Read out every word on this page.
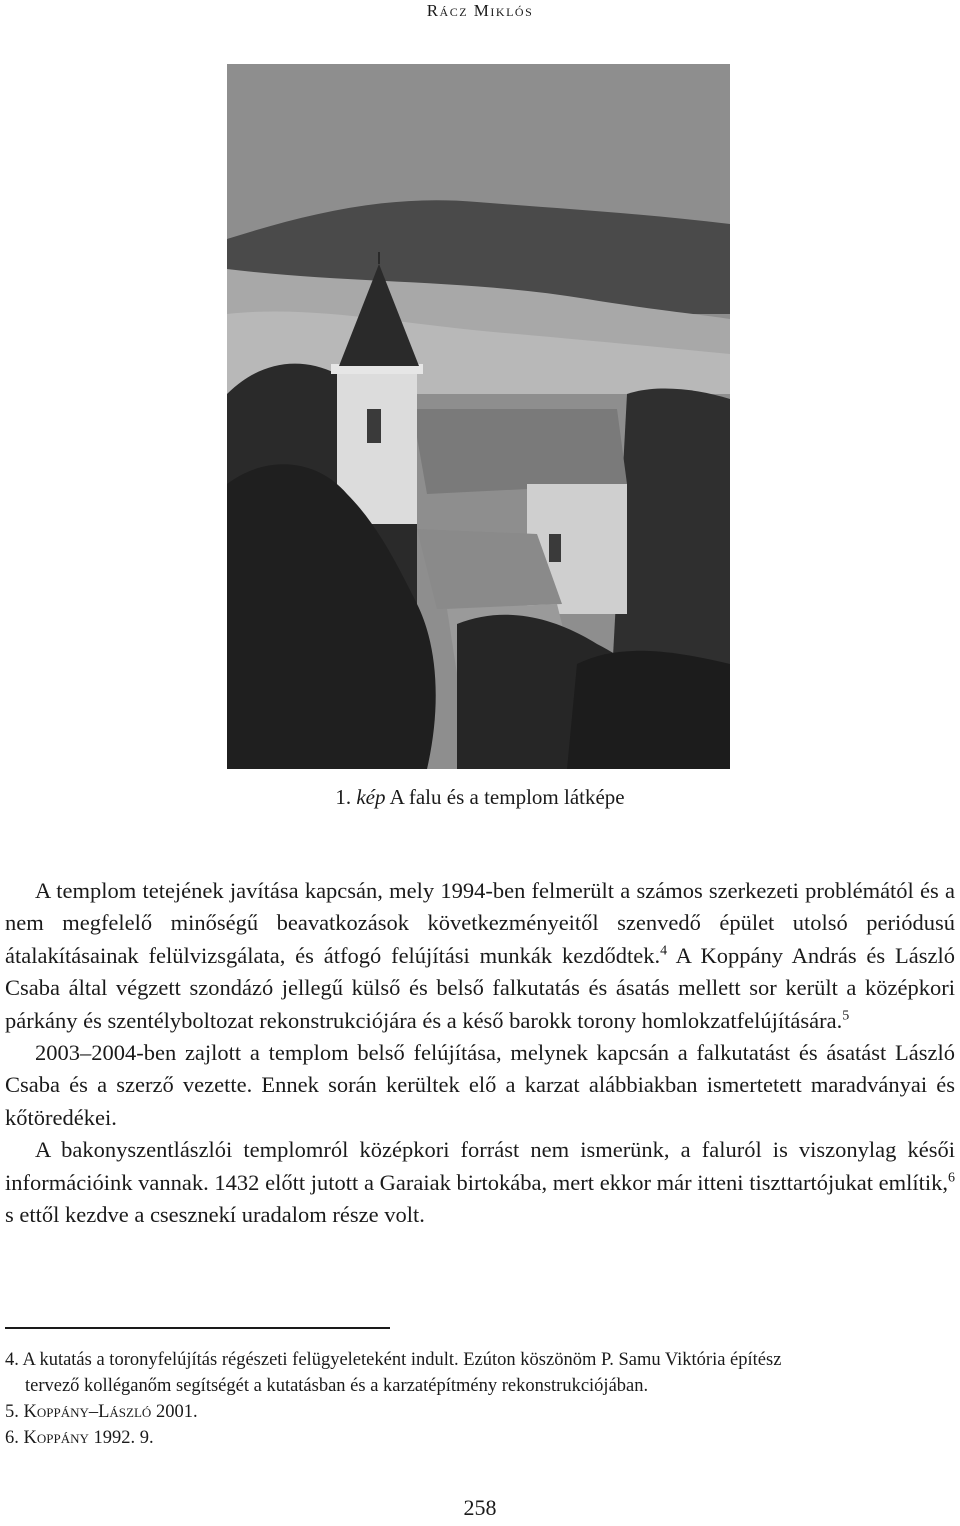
Rácz Miklós
1. kép A falu és a templom látképe

A templom tetejének javítása kapcsán, mely 1994-ben felmerült a számos szerkezeti problémától és a nem megfelelő minőségű beavatkozások következményeitől szenvedő épület utolsó periódusú átalakításainak felülvizsgálata, és átfogó felújítási munkák kezdődtek.$^4$ A Koppány András és László Csaba által végzett szondázó jellegű külső és belső falkutatás és ásatás mellett sor került a középkori párkány és szentélyboltozat rekonstrukciójára és a késő barokk torony homlokzatfelújítására.$^5$

2003–2004-ben zajlott a templom belső felújítása, melynek kapcsán a falkutatást és ásatást László Csaba és a szerző vezette. Ennek során kerültek elő a karzat alábbiakban ismertetett maradványai és kőtöredékei.

A bakonyszentlászlói templomról középkori forrást nem ismerünk, a faluról is viszonylag késői információink vannak. 1432 előtt jutott a Garaiak birtokába, mert ekkor már itteni tiszttartójukat említik,$^6$ s ettől kezdve a csesznekí uradalom része volt.

4. A kutatás a toronyfelújítás régészeti felügyeleteként indult. Ezúton köszönöm P. Samu Viktória építész

tervező kolléganőm segítségét a kutatásban és a karzatépítmény rekonstrukciójában.

5. Koppány–László 2001.

6. Koppány 1992. 9.

258
